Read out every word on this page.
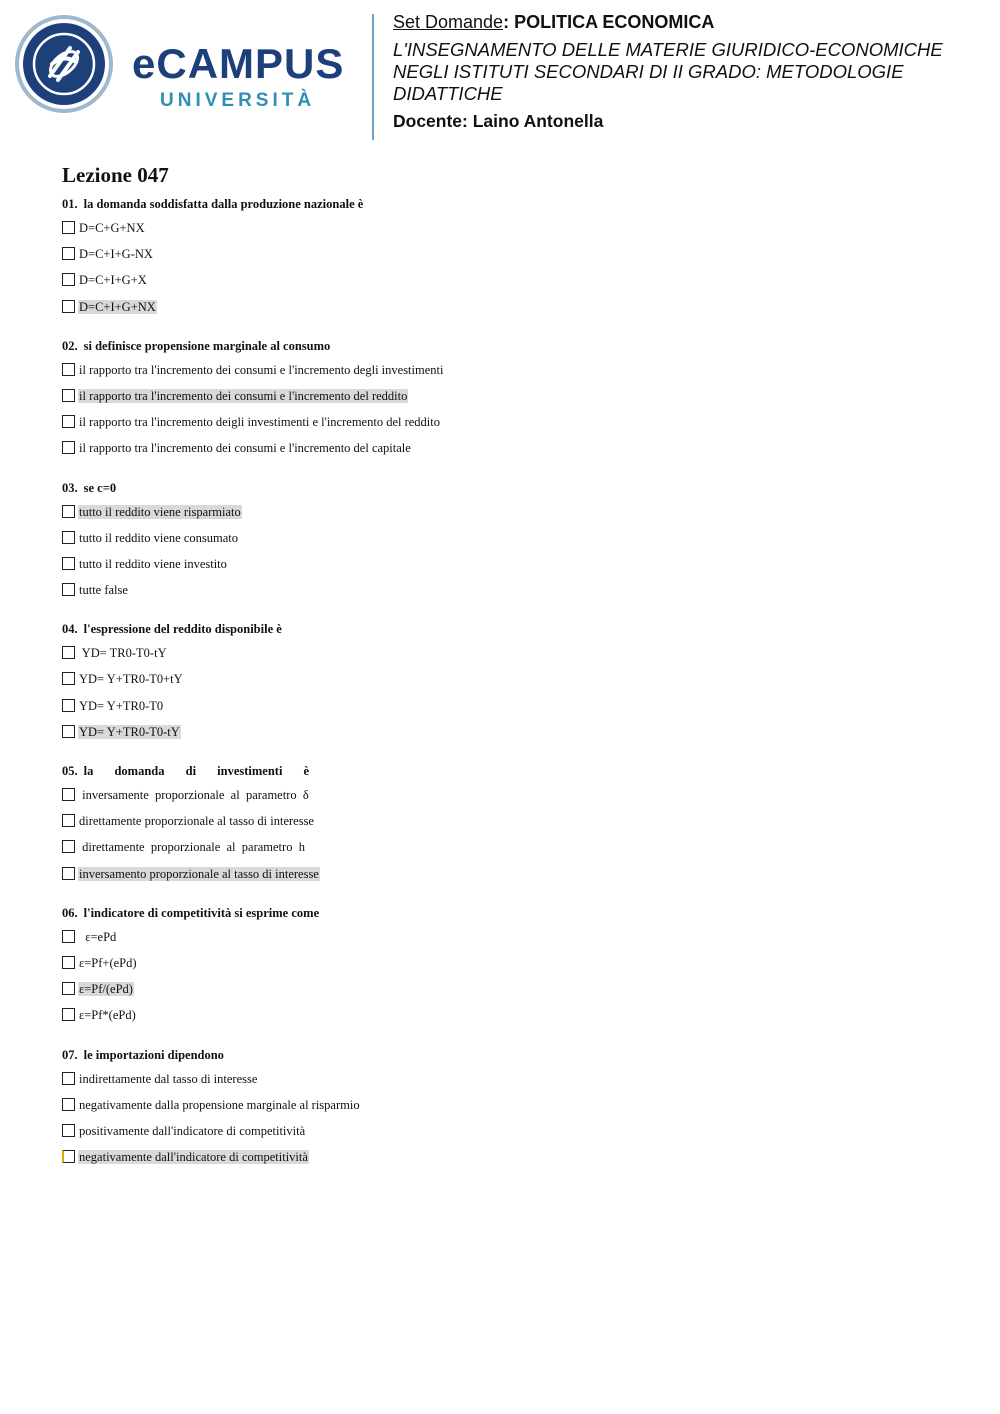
eCAMPUS
UNIVERSITÀ
Set Domande: POLITICA ECONOMICA
L'INSEGNAMENTO DELLE MATERIE GIURIDICO-ECONOMICHE
NEGLI ISTITUTI SECONDARI DI II GRADO: METODOLOGIE
DIDATTICHE
Docente: Laino Antonella
Lezione 047
01. la domanda soddisfatta dalla produzione nazionale è
D=C+G+NX
D=C+I+G-NX
D=C+I+G+X
D=C+I+G+NX
02. si definisce propensione marginale al consumo
il rapporto tra l'incremento dei consumi e l'incremento degli investimenti
il rapporto tra l'incremento dei consumi e l'incremento del reddito
il rapporto tra l'incremento deigli investimenti e l'incremento del reddito
il rapporto tra l'incremento dei consumi e l'incremento del capitale
03. se c=0
tutto il reddito viene risparmiato
tutto il reddito viene consumato
tutto il reddito viene investito
tutte false
04. l'espressione del reddito disponibile è
YD= TR0-T0-tY
YD= Y+TR0-T0+tY
YD= Y+TR0-T0
YD= Y+TR0-T0-tY
05. la domanda di investimenti è
inversamente  proporzionale  al  parametro  δ
direttamente proporzionale al tasso di interesse
direttamente  proporzionale  al  parametro  h
inversamento proporzionale al tasso di interesse
06. l'indicatore di competitività si esprime come
ε=ePd
ε=Pf+(ePd)
ε=Pf/(ePd)
ε=Pf*(ePd)
07. le importazioni dipendono
indirettamente dal tasso di interesse
negativamente dalla propensione marginale al risparmio
positivamente dall'indicatore di competitività
negativamente dall'indicatore di competitività
